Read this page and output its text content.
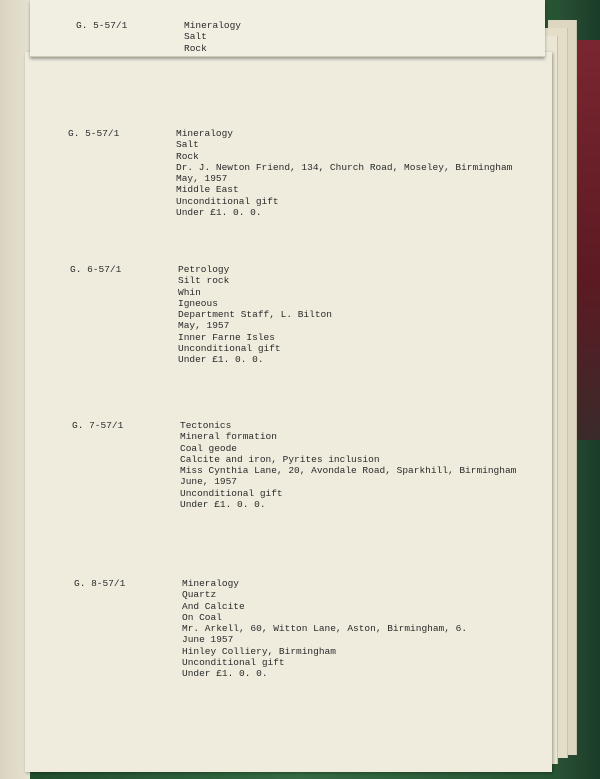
G. 5-57/1	Mineralogy
Salt
Rock
G. 5-57/1	Mineralogy
Salt
Rock
Dr. J. Newton Friend, 134, Church Road, Moseley, Birmingham
May, 1957
Middle East
Unconditional gift
Under £1. 0. 0.
G. 6-57/1	Petrology
Silt rock
Whin
Igneous
Department Staff, L. Bilton
May, 1957
Inner Farne Isles
Unconditional gift
Under £1. 0. 0.
G. 7-57/1	Tectonics
Mineral formation
Coal geode
Calcite and iron, Pyrites inclusion
Miss Cynthia Lane, 20, Avondale Road, Sparkhill, Birmingham
June, 1957
Unconditional gift
Under £1. 0. 0.
G. 8-57/1	Mineralogy
Quartz
And Calcite
On Coal
Mr. Arkell, 60, Witton Lane, Aston, Birmingham, 6.
June 1957
Hinley Colliery, Birmingham
Unconditional gift
Under £1. 0. 0.
